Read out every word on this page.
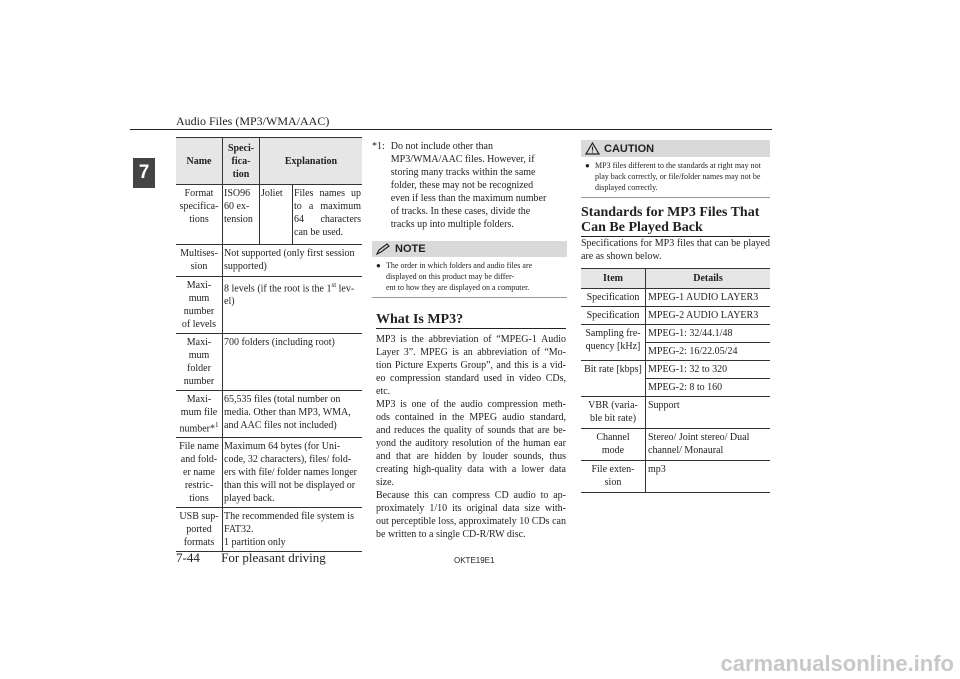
Audio Files (MP3/WMA/AAC)
7
Name	Speci-
fica-
tion	Explanation	
Format
specifica-
tions	ISO96
60 ex-
tension	Joliet	Files names up to a maximum 64 characters can be used.
Multises-
sion	Not supported (only first session supported)		
Maxi-
mum
number
of levels	8 levels (if the root is the 1st lev-
el)		
Maxi-
mum
folder
number	700 folders (including root)		
Maxi-
mum file
number*$^1$	65,535 files (total number on media. Other than MP3, WMA, and AAC files not included)		
File name
and fold-
er name
restric-
tions	Maximum 64 bytes (for Uni-
code, 32 characters), files/ fold-
ers with file/ folder names longer than this will not be displayed or played back.		
USB sup-
ported
formats	The recommended file system is FAT32.
1 partition only		
*1: Do not include other than
MP3/WMA/AAC files. However, if
storing many tracks within the same
folder, these may not be recognized
even if less than the maximum number
of tracks. In these cases, divide the
tracks up into multiple folders.
NOTE
● The order in which folders and audio files are displayed on this product may be differ-
ent to how they are displayed on a computer.
What Is MP3?
MP3 is the abbreviation of “MPEG-1 Audio Layer 3”. MPEG is an abbreviation of “Mo- tion Picture Experts Group”, and this is a vid- eo compression standard used in video CDs, etc.
MP3 is one of the audio compression meth- ods contained in the MPEG audio standard, and reduces the quality of sounds that are be- yond the auditory resolution of the human ear and that are hidden by louder sounds, thus creating high-quality data with a lower data size.
Because this can compress CD audio to ap- proximately 1/10 its original data size with- out perceptible loss, approximately 10 CDs can be written to a single CD-R/RW disc.
CAUTION
● MP3 files different to the standards at right may not play back correctly, or file/folder names may not be displayed correctly.
Standards for MP3 Files That Can Be Played Back
Specifications for MP3 files that can be played are as shown below.
Item	Details
Specification	MPEG-1 AUDIO LAYER3
Specification	MPEG-2 AUDIO LAYER3
Sampling fre-
quency [kHz]	MPEG-1: 32/44.1/48
	MPEG-2: 16/22.05/24
Bit rate [kbps]	MPEG-1: 32 to 320
	MPEG-2: 8 to 160
VBR (varia-
ble bit rate)	Support
Channel
mode	Stereo/ Joint stereo/ Dual channel/ Monaural
File exten-
sion	mp3
7-44 For pleasant driving	OKTE19E1
carmanualsonline.info
